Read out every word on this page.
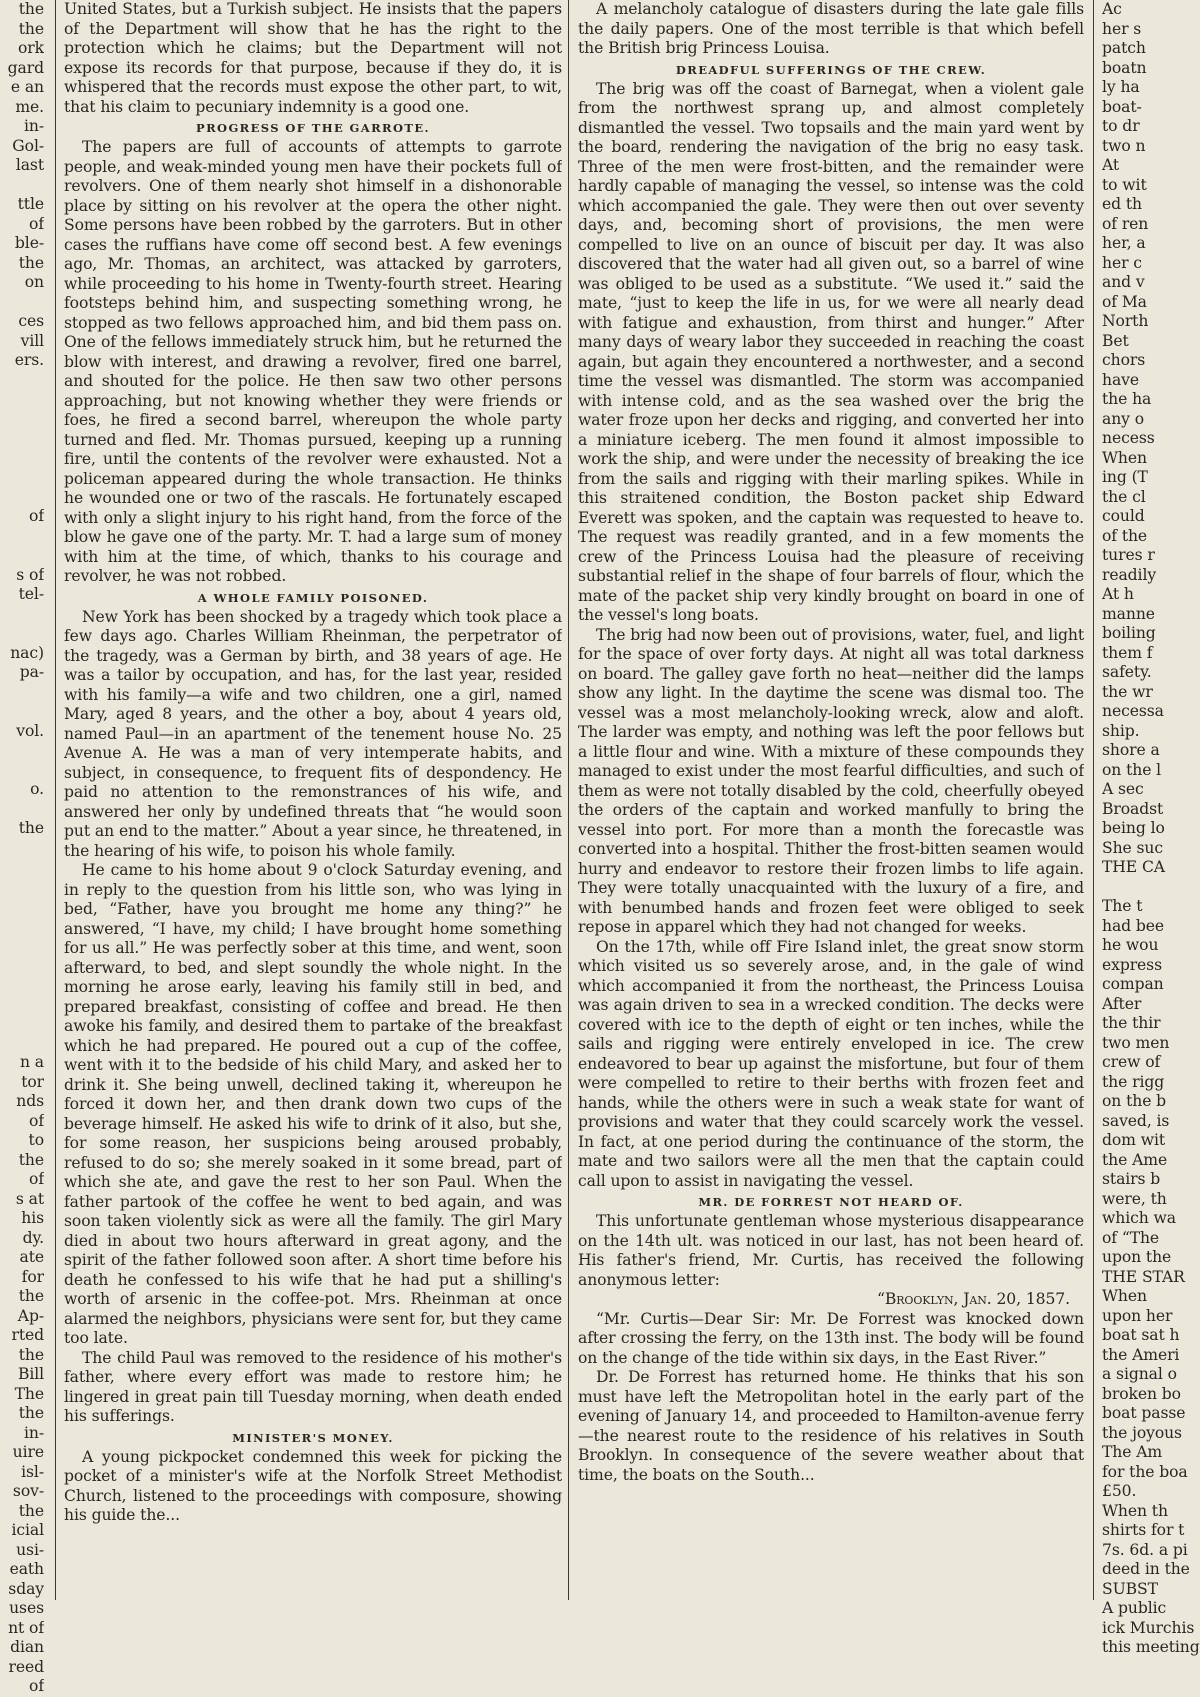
the

the

ork

gard

e an

me.

in-

Gol-

last

ttle

of

ble-

the

on

ces

vill

ers.

of

s of

tel-

nac)

pa-

vol.

o.

the

n a

tor

nds

of

to

the

of

s at

his

dy.

ate

for

the

Ap-

rted

the

Bill

The

the

in-

uire

isl-

sov-

the

icial

usi-

eath

sday

uses

nt of

dian

reed

of

United States, but a Turkish subject. He insists that the papers of the Department will show that he has the right to the protection which he claims; but the Department will not expose its records for that purpose, because if they do, it is whispered that the records must expose the other part, to wit, that his claim to pecuniary indemnity is a good one.

PROGRESS OF THE GARROTE.

The papers are full of accounts of attempts to garrote people, and weak-minded young men have their pockets full of revolvers. One of them nearly shot himself in a dishonorable place by sitting on his revolver at the opera the other night. Some persons have been robbed by the garroters. But in other cases the ruffians have come off second best. A few evenings ago, Mr. Thomas, an architect, was attacked by garroters, while proceeding to his home in Twenty-fourth street. Hearing footsteps behind him, and suspecting something wrong, he stopped as two fellows approached him, and bid them pass on. One of the fellows immediately struck him, but he returned the blow with interest, and drawing a revolver, fired one barrel, and shouted for the police. He then saw two other persons approaching, but not knowing whether they were friends or foes, he fired a second barrel, whereupon the whole party turned and fled. Mr. Thomas pursued, keeping up a running fire, until the contents of the revolver were exhausted. Not a policeman appeared during the whole transaction. He thinks he wounded one or two of the rascals. He fortunately escaped with only a slight injury to his right hand, from the force of the blow he gave one of the party. Mr. T. had a large sum of money with him at the time, of which, thanks to his courage and revolver, he was not robbed.

A WHOLE FAMILY POISONED.

New York has been shocked by a tragedy which took place a few days ago. Charles William Rheinman, the perpetrator of the tragedy, was a German by birth, and 38 years of age. He was a tailor by occupation, and has, for the last year, resided with his family—a wife and two children, one a girl, named Mary, aged 8 years, and the other a boy, about 4 years old, named Paul—in an apartment of the tenement house No. 25 Avenue A. He was a man of very intemperate habits, and subject, in consequence, to frequent fits of despondency. He paid no attention to the remonstrances of his wife, and answered her only by undefined threats that “he would soon put an end to the matter.” About a year since, he threatened, in the hearing of his wife, to poison his whole family.

He came to his home about 9 o'clock Saturday evening, and in reply to the question from his little son, who was lying in bed, “Father, have you brought me home any thing?” he answered, “I have, my child; I have brought home something for us all.” He was perfectly sober at this time, and went, soon afterward, to bed, and slept soundly the whole night. In the morning he arose early, leaving his family still in bed, and prepared breakfast, consisting of coffee and bread. He then awoke his family, and desired them to partake of the breakfast which he had prepared. He poured out a cup of the coffee, went with it to the bedside of his child Mary, and asked her to drink it. She being unwell, declined taking it, whereupon he forced it down her, and then drank down two cups of the beverage himself. He asked his wife to drink of it also, but she, for some reason, her suspicions being aroused probably, refused to do so; she merely soaked in it some bread, part of which she ate, and gave the rest to her son Paul. When the father partook of the coffee he went to bed again, and was soon taken violently sick as were all the family. The girl Mary died in about two hours afterward in great agony, and the spirit of the father followed soon after. A short time before his death he confessed to his wife that he had put a shilling's worth of arsenic in the coffee-pot. Mrs. Rheinman at once alarmed the neighbors, physicians were sent for, but they came too late.

The child Paul was removed to the residence of his mother's father, where every effort was made to restore him; he lingered in great pain till Tuesday morning, when death ended his sufferings.

MINISTER'S MONEY.

A young pickpocket condemned this week for picking the pocket of a minister's wife at the Norfolk Street Methodist Church, listened to the proceedings with composure, showing his guide the...

A melancholy catalogue of disasters during the late gale fills the daily papers. One of the most terrible is that which befell the British brig Princess Louisa.

DREADFUL SUFFERINGS OF THE CREW.

The brig was off the coast of Barnegat, when a violent gale from the northwest sprang up, and almost completely dismantled the vessel. Two topsails and the main yard went by the board, rendering the navigation of the brig no easy task. Three of the men were frost-bitten, and the remainder were hardly capable of managing the vessel, so intense was the cold which accompanied the gale. They were then out over seventy days, and, becoming short of provisions, the men were compelled to live on an ounce of biscuit per day. It was also discovered that the water had all given out, so a barrel of wine was obliged to be used as a substitute. “We used it.” said the mate, “just to keep the life in us, for we were all nearly dead with fatigue and exhaustion, from thirst and hunger.” After many days of weary labor they succeeded in reaching the coast again, but again they encountered a northwester, and a second time the vessel was dismantled. The storm was accompanied with intense cold, and as the sea washed over the brig the water froze upon her decks and rigging, and converted her into a miniature iceberg. The men found it almost impossible to work the ship, and were under the necessity of breaking the ice from the sails and rigging with their marling spikes. While in this straitened condition, the Boston packet ship Edward Everett was spoken, and the captain was requested to heave to. The request was readily granted, and in a few moments the crew of the Princess Louisa had the pleasure of receiving substantial relief in the shape of four barrels of flour, which the mate of the packet ship very kindly brought on board in one of the vessel's long boats.

The brig had now been out of provisions, water, fuel, and light for the space of over forty days. At night all was total darkness on board. The galley gave forth no heat—neither did the lamps show any light. In the daytime the scene was dismal too. The vessel was a most melancholy-looking wreck, alow and aloft. The larder was empty, and nothing was left the poor fellows but a little flour and wine. With a mixture of these compounds they managed to exist under the most fearful difficulties, and such of them as were not totally disabled by the cold, cheerfully obeyed the orders of the captain and worked manfully to bring the vessel into port. For more than a month the forecastle was converted into a hospital. Thither the frost-bitten seamen would hurry and endeavor to restore their frozen limbs to life again. They were totally unacquainted with the luxury of a fire, and with benumbed hands and frozen feet were obliged to seek repose in apparel which they had not changed for weeks.

On the 17th, while off Fire Island inlet, the great snow storm which visited us so severely arose, and, in the gale of wind which accompanied it from the northeast, the Princess Louisa was again driven to sea in a wrecked condition. The decks were covered with ice to the depth of eight or ten inches, while the sails and rigging were entirely enveloped in ice. The crew endeavored to bear up against the misfortune, but four of them were compelled to retire to their berths with frozen feet and hands, while the others were in such a weak state for want of provisions and water that they could scarcely work the vessel. In fact, at one period during the continuance of the storm, the mate and two sailors were all the men that the captain could call upon to assist in navigating the vessel.

MR. DE FORREST NOT HEARD OF.

This unfortunate gentleman whose mysterious disappearance on the 14th ult. was noticed in our last, has not been heard of. His father's friend, Mr. Curtis, has received the following anonymous letter:

“Brooklyn, Jan. 20, 1857.

“Mr. Curtis—Dear Sir: Mr. De Forrest was knocked down after crossing the ferry, on the 13th inst. The body will be found on the change of the tide within six days, in the East River.”

Dr. De Forrest has returned home. He thinks that his son must have left the Metropolitan hotel in the early part of the evening of January 14, and proceeded to Hamilton-avenue ferry—the nearest route to the residence of his relatives in South Brooklyn. In consequence of the severe weather about that time, the boats on the South...

Ac

her s

patch

boatn

ly ha

boat-

to dr

two n

At

to wit

ed th

of ren

her, a

her c

and v

of Ma

North

Bet

chors

have

the ha

any o

necess

When

ing (T

the cl

could

of the

tures r

readily

At h

manne

boiling

them f

safety.

the wr

necessa

ship.

shore a

on the l

A sec

Broadst

being lo

She suc

THE CA

The t

had bee

he wou

express

compan

After

the thir

two men

crew of

the rigg

on the b

saved, is

dom wit

the Ame

stairs b

were, th

which wa

of “The

upon the

THE STAR

When

upon her

boat sat h

the Ameri

a signal o

broken bo

boat passe

the joyous

The Am

for the boa

£50.

When th

shirts for t

7s. 6d. a pi

deed in the

SUBST

A public

ick Murchis

this meeting
